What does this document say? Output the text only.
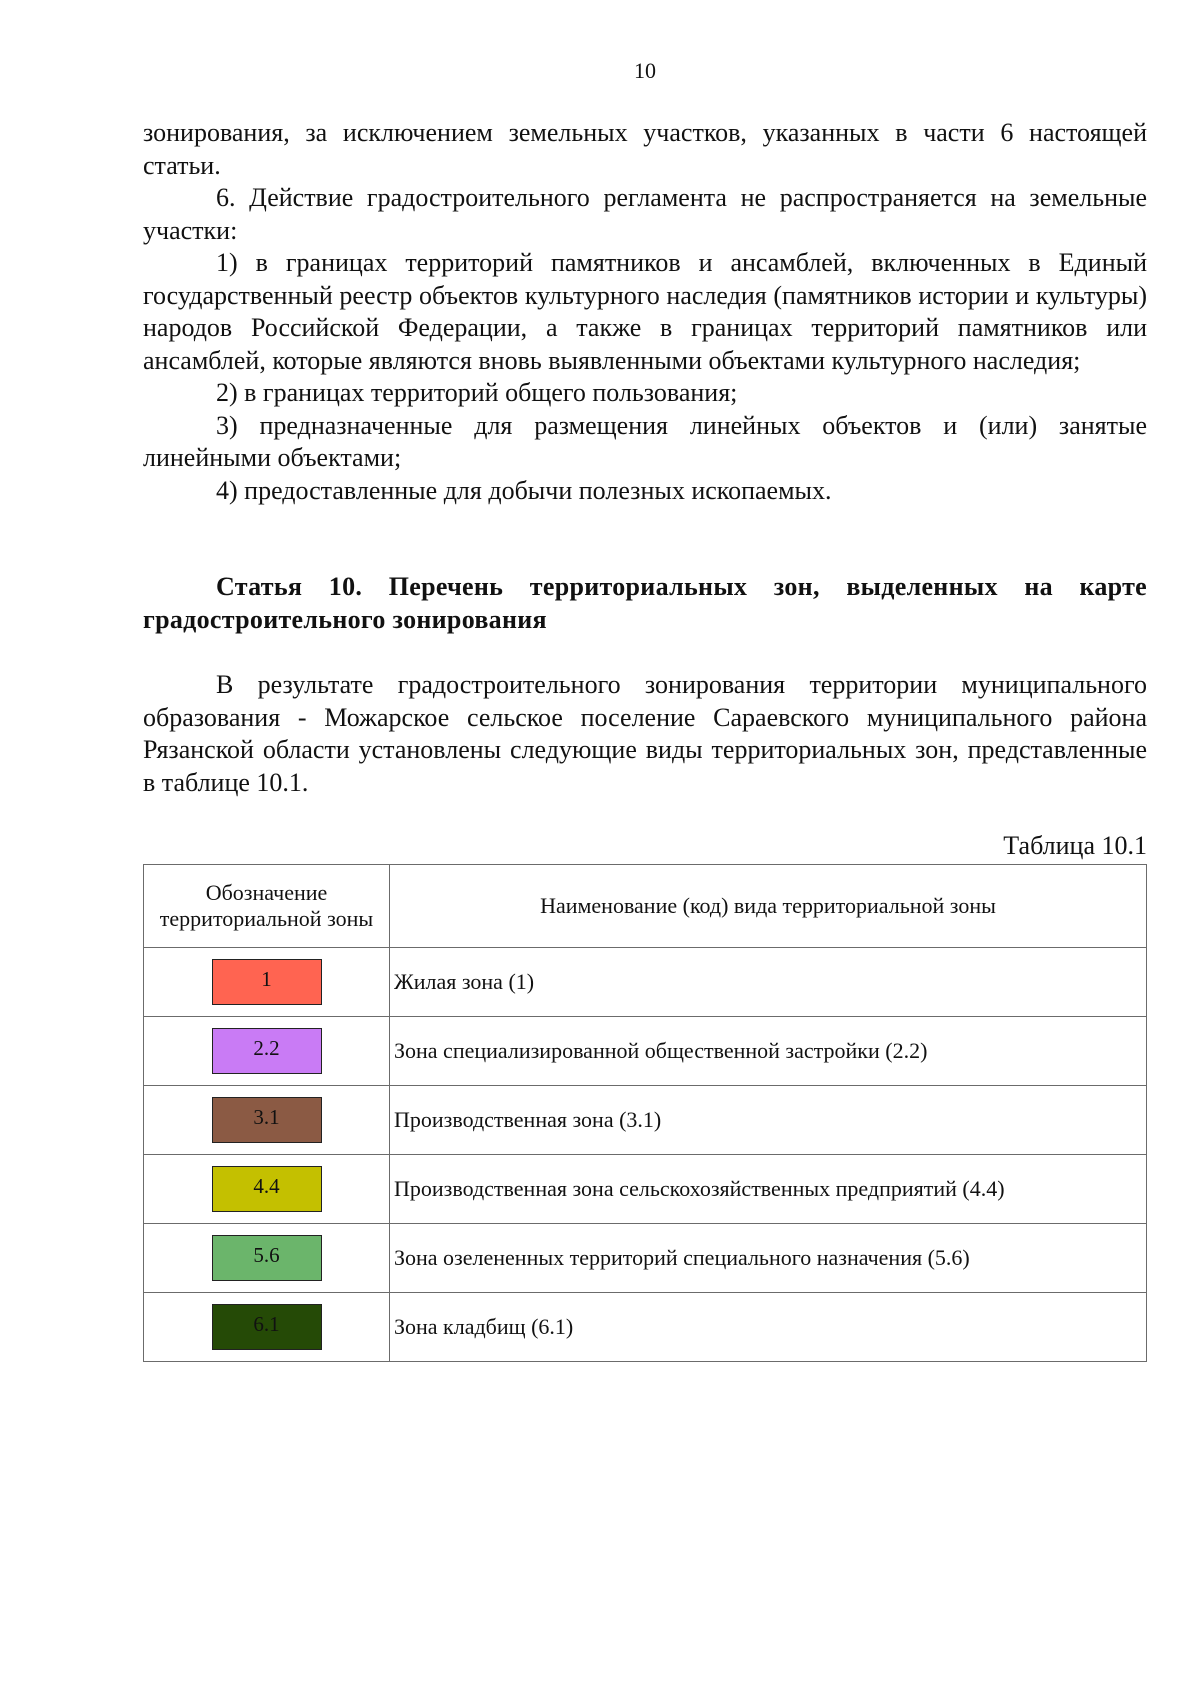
10

зонирования, за исключением земельных участков, указанных в части 6 настоящей статьи.

6. Действие градостроительного регламента не распространяется на земельные участки:

1) в границах территорий памятников и ансамблей, включенных в Единый государственный реестр объектов культурного наследия (памятников истории и культуры) народов Российской Федерации, а также в границах территорий памятников или ансамблей, которые являются вновь выявленными объектами культурного наследия;

2) в границах территорий общего пользования;

3) предназначенные для размещения линейных объектов и (или) занятые линейными объектами;

4) предоставленные для добычи полезных ископаемых.

Статья 10. Перечень территориальных зон, выделенных на карте градостроительного зонирования

В результате градостроительного зонирования территории муниципального образования - Можарское сельское поселение Сараевского муниципального района Рязанской области установлены следующие виды территориальных зон, представленные в таблице 10.1.

Таблица 10.1
Обозначение территориальной зоны	Наименование (код) вида территориальной зоны
1	Жилая зона (1)
2.2	Зона специализированной общественной застройки (2.2)
3.1	Производственная зона (3.1)
4.4	Производственная зона сельскохозяйственных предприятий (4.4)
5.6	Зона озелененных территорий специального назначения (5.6)
6.1	Зона кладбищ (6.1)
